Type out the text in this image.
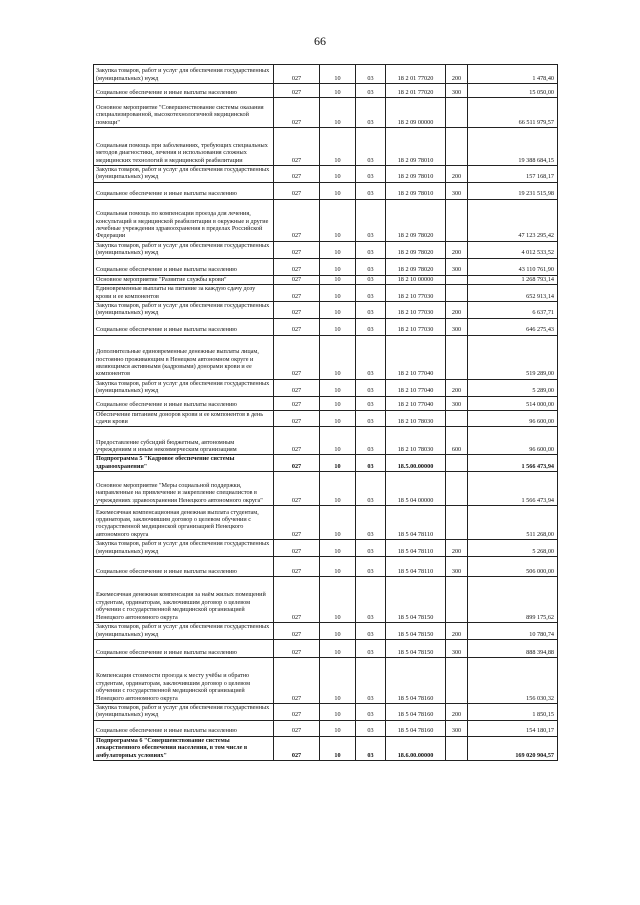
66
Закупка товаров, работ и услуг для обеспечения государственных (муниципальных) нужд	027	10	03	18 2 01 77020	200	1 478,40
Социальное обеспечение и иные выплаты населению	027	10	03	18 2 01 77020	300	15 050,00
Основное мероприятие "Совершенствование системы оказания специализированной, высокотехнологичной медицинской помощи"	027	10	03	18 2 09 00000		66 511 979,57
Социальная помощь при заболеваниях, требующих специальных методов диагностики, лечения и использования сложных медицинских технологий и медицинской реабилитации	027	10	03	18 2 09 78010		19 388 684,15
Закупка товаров, работ и услуг для обеспечения государственных (муниципальных) нужд	027	10	03	18 2 09 78010	200	157 168,17
Социальное обеспечение и иные выплаты населению	027	10	03	18 2 09 78010	300	19 231 515,98
Социальная помощь по компенсации проезда для лечения, консультаций и медицинской реабилитации в окружные и другие лечебные учреждения здравоохранения в пределах Российской Федерации	027	10	03	18 2 09 78020		47 123 295,42
Закупка товаров, работ и услуг для обеспечения государственных (муниципальных) нужд	027	10	03	18 2 09 78020	200	4 012 533,52
Социальное обеспечение и иные выплаты населению	027	10	03	18 2 09 78020	300	43 110 761,90
Основное мероприятие "Развитие службы крови"	027	10	03	18 2 10 00000		1 268 793,14
Единовременные выплаты на питание за каждую сдачу дозу крови и ее компонентов	027	10	03	18 2 10 77030		652 913,14
Закупка товаров, работ и услуг для обеспечения государственных (муниципальных) нужд	027	10	03	18 2 10 77030	200	6 637,71
Социальное обеспечение и иные выплаты населению	027	10	03	18 2 10 77030	300	646 275,43
Дополнительные единовременные денежные выплаты лицам, постоянно проживающим в Ненецком автономном округе и являющимся активными (кадровыми) донорами крови и ее компонентов	027	10	03	18 2 10 77040		519 289,00
Закупка товаров, работ и услуг для обеспечения государственных (муниципальных) нужд	027	10	03	18 2 10 77040	200	5 289,00
Социальное обеспечение и иные выплаты населению	027	10	03	18 2 10 77040	300	514 000,00
Обеспечение питанием доноров крови и ее компонентов в день сдачи крови	027	10	03	18 2 10 78030		96 600,00
Предоставление субсидий бюджетным, автономным учреждениям и иным некоммерческим организациям	027	10	03	18 2 10 78030	600	96 600,00
Подпрограмма 5 "Кадровое обеспечение системы здравоохранения"	027	10	03	18.5.00.00000		1 566 473,94
Основное мероприятие "Меры социальной поддержки, направленные на привлечение и закрепление специалистов в учреждениях здравоохранения Ненецкого автономного округа"	027	10	03	18 5 04 00000		1 566 473,94
Ежемесячная компенсационная денежная выплата студентам, ординаторам, заключившим договор о целевом обучении с государственной медицинской организацией Ненецкого автономного округа	027	10	03	18 5 04 78110		511 268,00
Закупка товаров, работ и услуг для обеспечения государственных (муниципальных) нужд	027	10	03	18 5 04 78110	200	5 268,00
Социальное обеспечение и иные выплаты населению	027	10	03	18 5 04 78110	300	506 000,00
Ежемесячная денежная компенсация за наём жилых помещений студентам, ординаторам, заключившим договор о целевом обучении с государственной медицинской организацией Ненецкого автономного округа	027	10	03	18 5 04 78150		899 175,62
Закупка товаров, работ и услуг для обеспечения государственных (муниципальных) нужд	027	10	03	18 5 04 78150	200	10 780,74
Социальное обеспечение и иные выплаты населению	027	10	03	18 5 04 78150	300	888 394,88
Компенсация стоимости проезда к месту учёбы и обратно студентам, ординаторам, заключившим договор о целевом обучении с государственной медицинской организацией Ненецкого автономного округа	027	10	03	18 5 04 78160		156 030,32
Закупка товаров, работ и услуг для обеспечения государственных (муниципальных) нужд	027	10	03	18 5 04 78160	200	1 850,15
Социальное обеспечение и иные выплаты населению	027	10	03	18 5 04 78160	300	154 180,17
Подпрограмма 6 "Совершенствование системы лекарственного обеспечения населения, в том числе в амбулаторных условиях"	027	10	03	18.6.00.00000		169 020 904,57
